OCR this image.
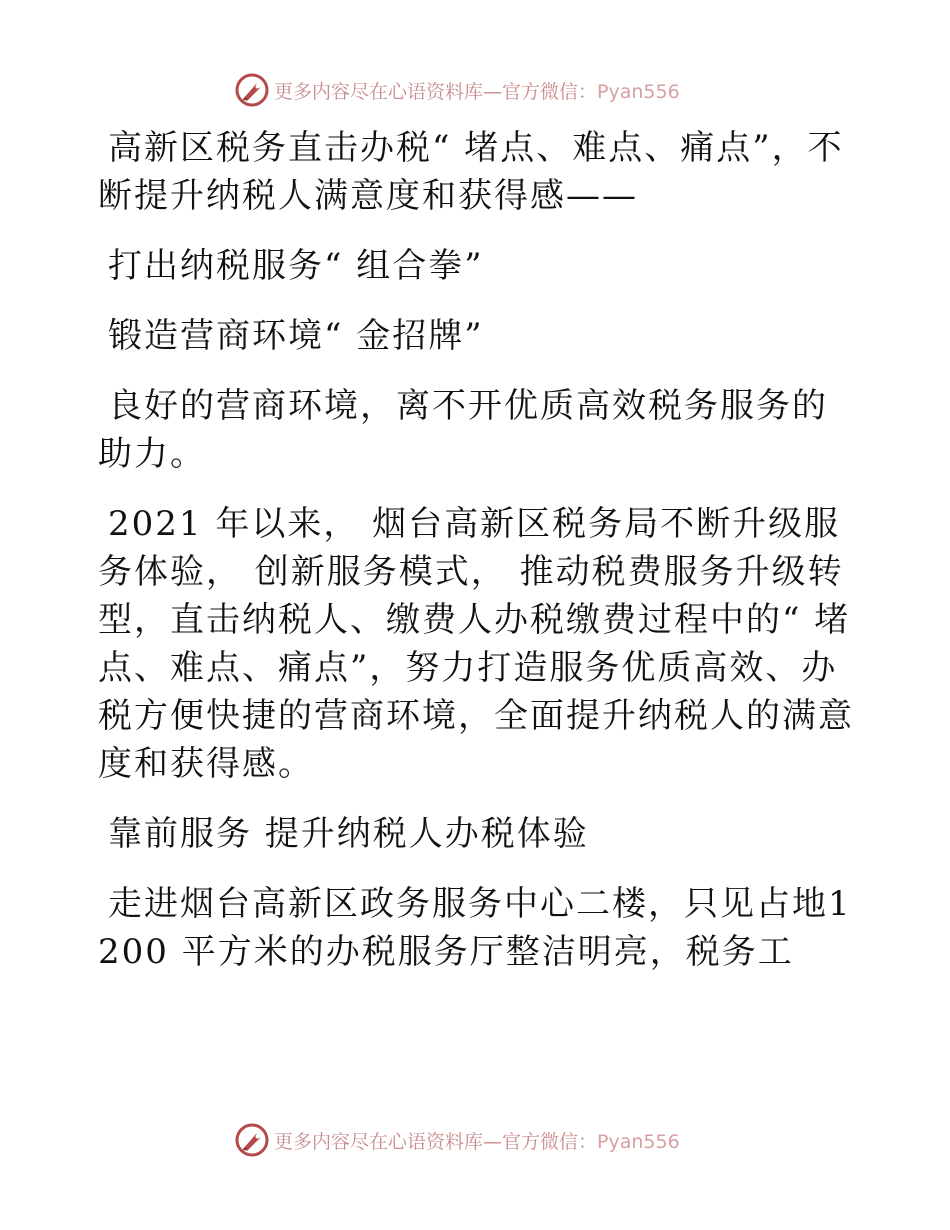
更多内容尽在心语资料库—官方微信：Pyan556

高新区税务直击办税“ 堵点、难点、痛点”，不断提升纳税人满意度和获得感——

打出纳税服务“ 组合拳”

锻造营商环境“ 金招牌”

良好的营商环境，离不开优质高效税务服务的助力。

2021 年以来， 烟台高新区税务局不断升级服务体验， 创新服务模式， 推动税费服务升级转型，直击纳税人、缴费人办税缴费过程中的“ 堵点、难点、痛点”，努力打造服务优质高效、办税方便快捷的营商环境，全面提升纳税人的满意度和获得感。

靠前服务 提升纳税人办税体验

走进烟台高新区政务服务中心二楼，只见占地1200 平方米的办税服务厅整洁明亮，税务工

更多内容尽在心语资料库—官方微信：Pyan556
